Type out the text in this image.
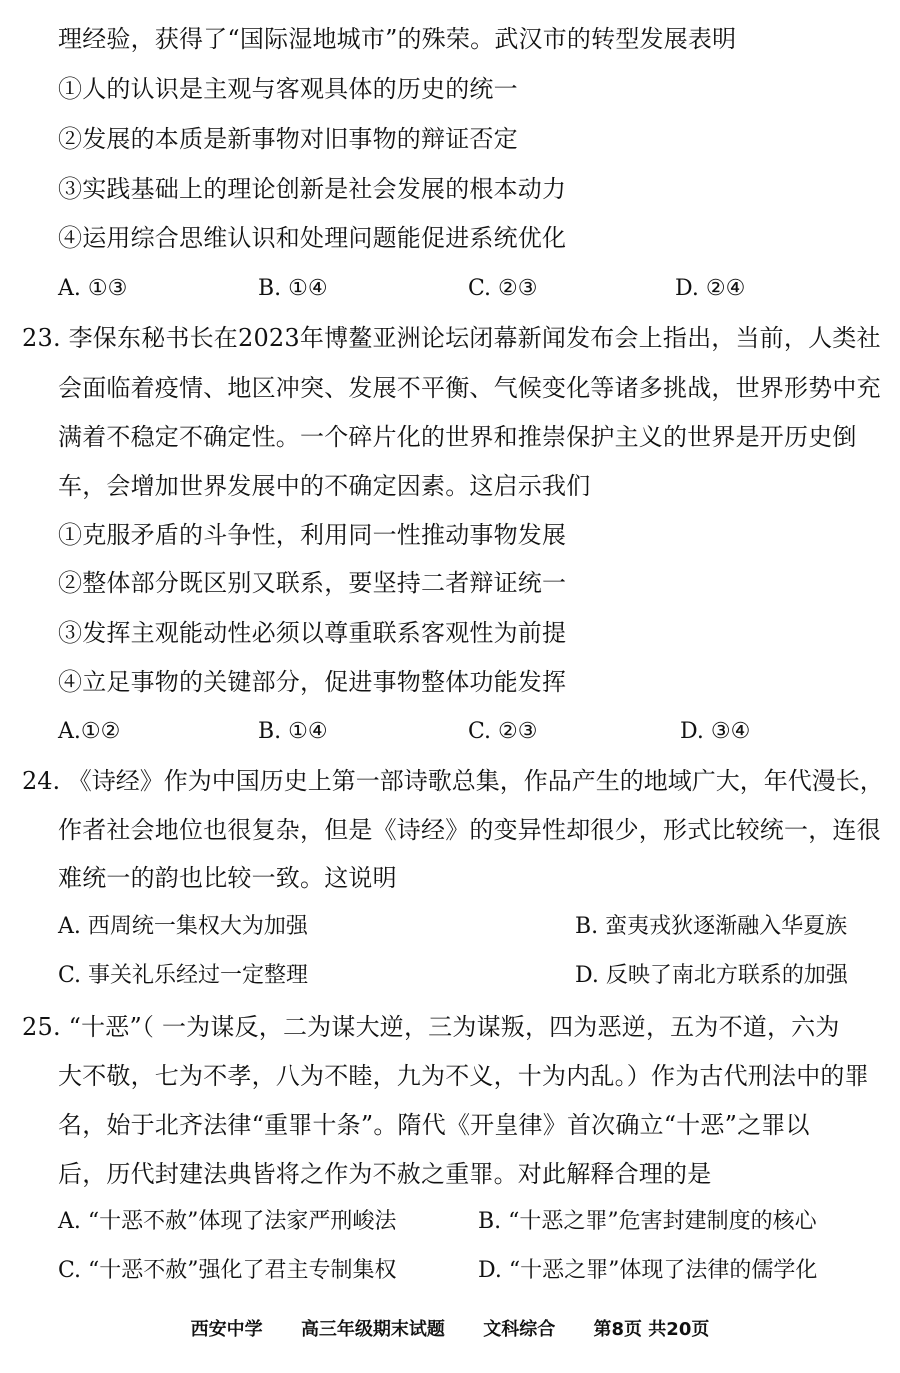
理经验，获得了“国际湿地城市”的殊荣。武汉市的转型发展表明
①人的认识是主观与客观具体的历史的统一
②发展的本质是新事物对旧事物的辩证否定
③实践基础上的理论创新是社会发展的根本动力
④运用综合思维认识和处理问题能促进系统优化
A. ①③	B. ①④	C. ②③	D. ②④
23. 李保东秘书长在2023年博鳌亚洲论坛闭幕新闻发布会上指出，当前，人类社
会面临着疫情、地区冲突、发展不平衡、气候变化等诸多挑战，世界形势中充
满着不稳定不确定性。一个碎片化的世界和推崇保护主义的世界是开历史倒
车，会增加世界发展中的不确定因素。这启示我们
①克服矛盾的斗争性，利用同一性推动事物发展
②整体部分既区别又联系，要坚持二者辩证统一
③发挥主观能动性必须以尊重联系客观性为前提
④立足事物的关键部分，促进事物整体功能发挥
A.①②	B. ①④	C. ②③	D. ③④
24. 《诗经》作为中国历史上第一部诗歌总集，作品产生的地域广大，年代漫长，
作者社会地位也很复杂，但是《诗经》的变异性却很少，形式比较统一，连很
难统一的韵也比较一致。这说明
A. 西周统一集权大为加强	B. 蛮夷戎狄逐渐融入华夏族
C. 事关礼乐经过一定整理	D. 反映了南北方联系的加强
25. “十恶”（ 一为谋反，二为谋大逆，三为谋叛，四为恶逆，五为不道，六为
大不敬，七为不孝，八为不睦，九为不义，十为内乱。）作为古代刑法中的罪
名，始于北齐法律“重罪十条”。隋代《开皇律》首次确立“十恶”之罪以
后，历代封建法典皆将之作为不赦之重罪。对此解释合理的是
A. “十恶不赦”体现了法家严刑峻法	B. “十恶之罪”危害封建制度的核心
C. “十恶不赦”强化了君主专制集权	D. “十恶之罪”体现了法律的儒学化
西安中学 高三年级期末试题 文科综合 第8页 共20页
